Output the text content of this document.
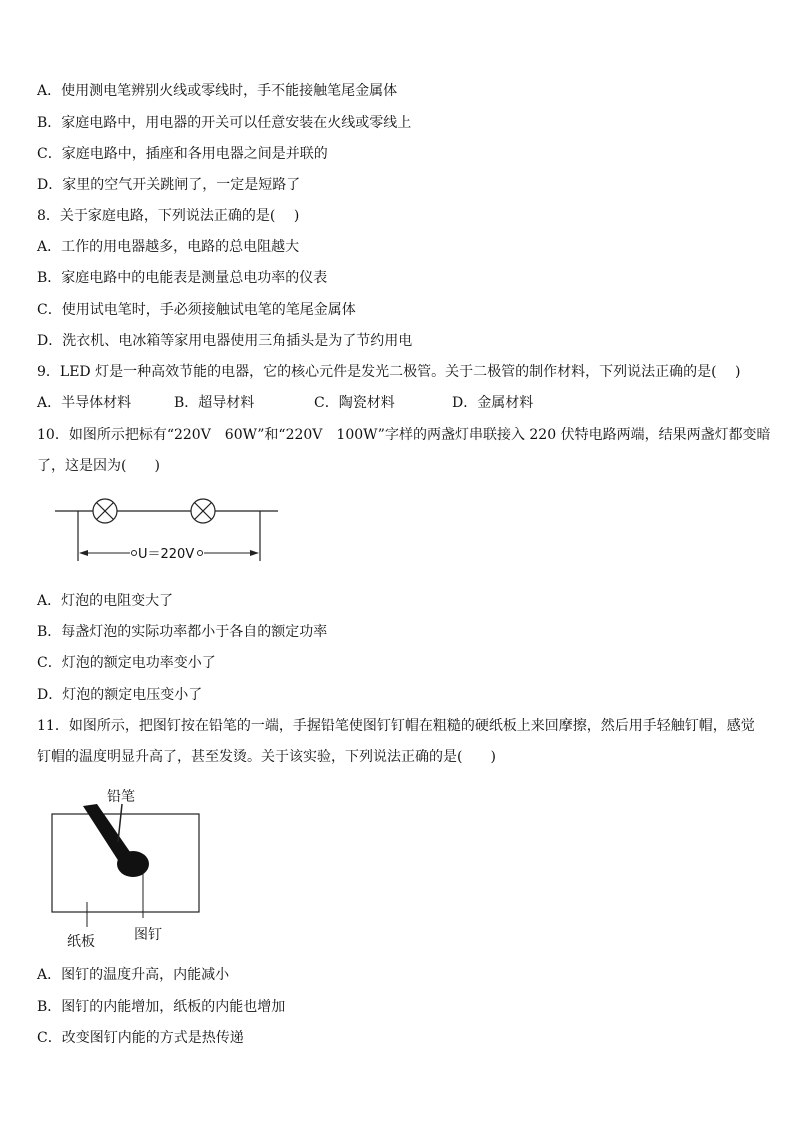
A．使用测电笔辨别火线或零线时，手不能接触笔尾金属体
B．家庭电路中，用电器的开关可以任意安装在火线或零线上
C．家庭电路中，插座和各用电器之间是并联的
D．家里的空气开关跳闸了，一定是短路了
8．关于家庭电路，下列说法正确的是(　 )
A．工作的用电器越多，电路的总电阻越大
B．家庭电路中的电能表是测量总电功率的仪表
C．使用试电笔时，手必须接触试电笔的笔尾金属体
D．洗衣机、电冰箱等家用电器使用三角插头是为了节约用电
9．LED 灯是一种高效节能的电器，它的核心元件是发光二极管。关于二极管的制作材料，下列说法正确的是(　 )
A．半导体材料	B．超导材料	C．陶瓷材料	D．金属材料
10．如图所示把标有“220V　60W”和“220V　100W”字样的两盏灯串联接入 220 伏特电路两端，结果两盏灯都变暗
了，这是因为(　　)
U＝220V
A．灯泡的电阻变大了
B．每盏灯泡的实际功率都小于各自的额定功率
C．灯泡的额定电功率变小了
D．灯泡的额定电压变小了
11．如图所示，把图钉按在铅笔的一端，手握铅笔使图钉钉帽在粗糙的硬纸板上来回摩擦，然后用手轻触钉帽，感觉
钉帽的温度明显升高了，甚至发烫。关于该实验，下列说法正确的是(　　)
铅笔
图钉
纸板
A．图钉的温度升高，内能减小
B．图钉的内能增加，纸板的内能也增加
C．改变图钉内能的方式是热传递
